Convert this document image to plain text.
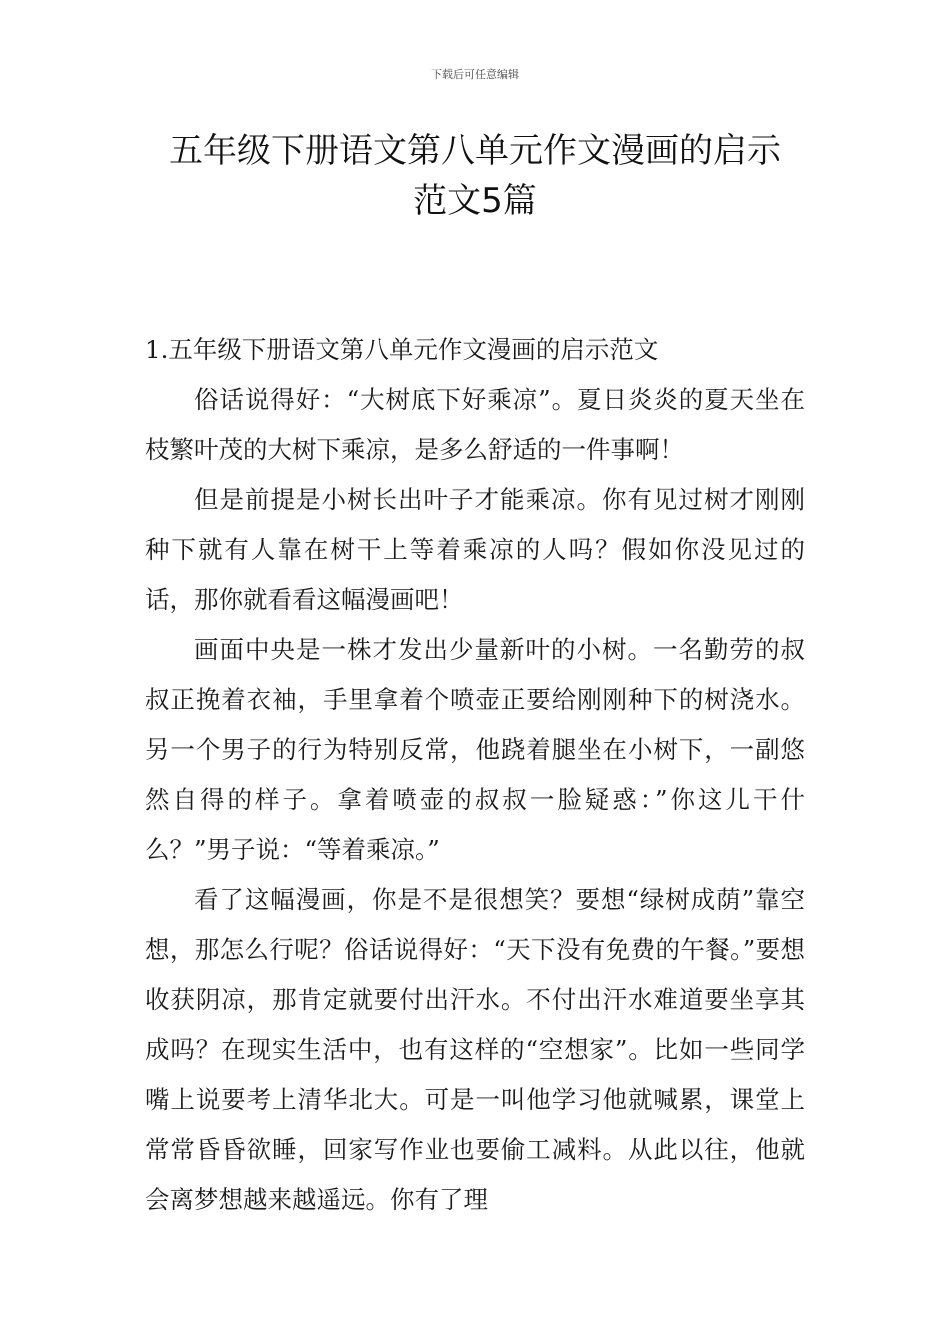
下载后可任意编辑
五年级下册语文第八单元作文漫画的启示
范文5篇

1.五年级下册语文第八单元作文漫画的启示范文

俗话说得好：“大树底下好乘凉”。夏日炎炎的夏天坐在枝繁叶茂的大树下乘凉，是多么舒适的一件事啊！

但是前提是小树长出叶子才能乘凉。你有见过树才刚刚种下就有人靠在树干上等着乘凉的人吗？假如你没见过的话，那你就看看这幅漫画吧！

画面中央是一株才发出少量新叶的小树。一名勤劳的叔叔正挽着衣袖，手里拿着个喷壶正要给刚刚种下的树浇水。另一个男子的行为特别反常，他跷着腿坐在小树下，一副悠然自得的样子。拿着喷壶的叔叔一脸疑惑：”你这儿干什么？”男子说：“等着乘凉。”

看了这幅漫画，你是不是很想笑？要想“绿树成荫”靠空想，那怎么行呢？俗话说得好：“天下没有免费的午餐。”要想收获阴凉，那肯定就要付出汗水。不付出汗水难道要坐享其成吗？在现实生活中，也有这样的“空想家”。比如一些同学嘴上说要考上清华北大。可是一叫他学习他就喊累，课堂上常常昏昏欲睡，回家写作业也要偷工减料。从此以往，他就会离梦想越来越遥远。你有了理
